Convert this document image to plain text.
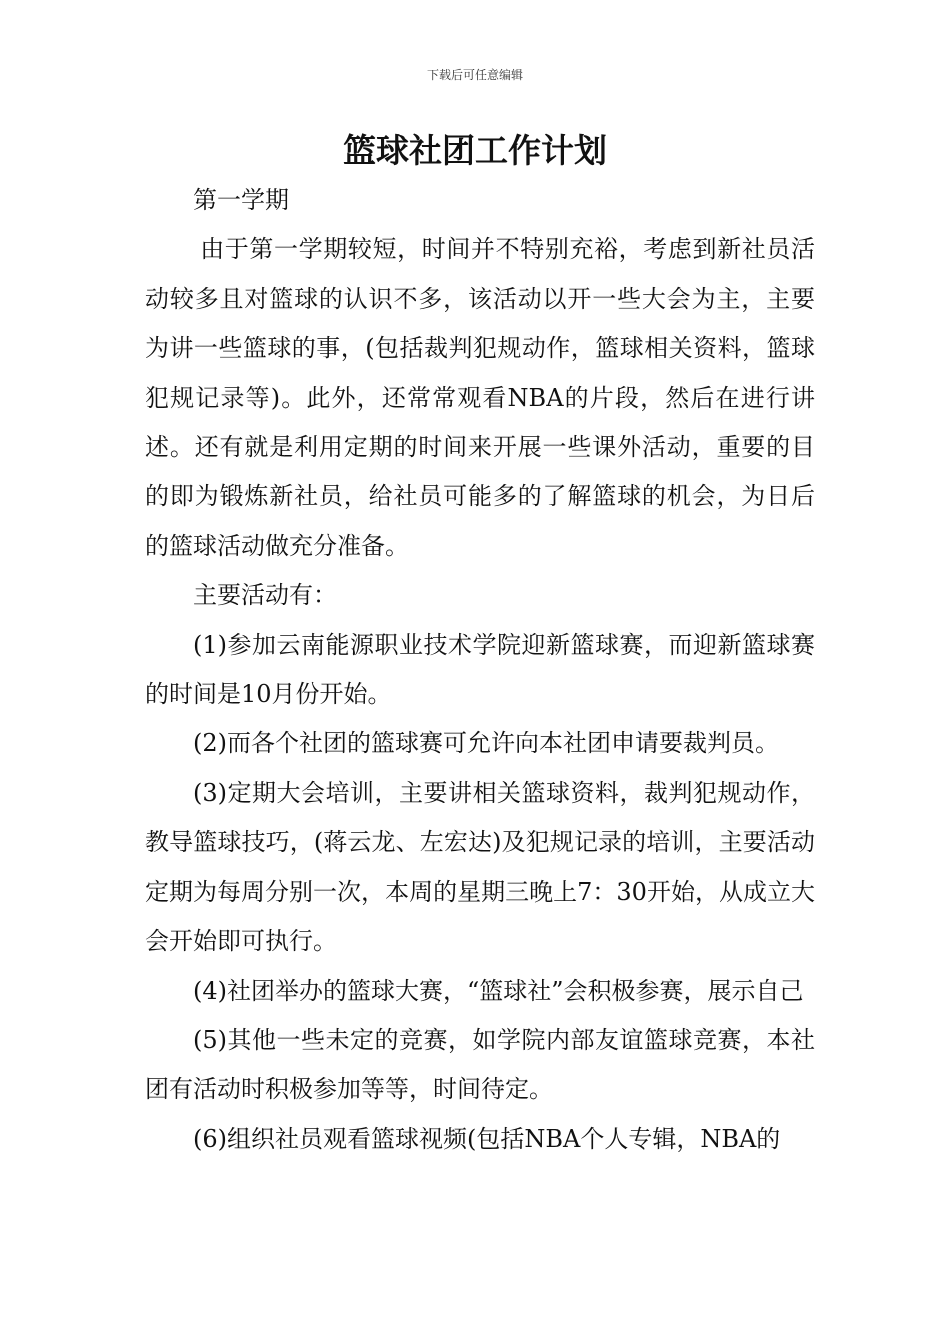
下载后可任意编辑
篮球社团工作计划

第一学期

由于第一学期较短，时间并不特别充裕，考虑到新社员活动较多且对篮球的认识不多，该活动以开一些大会为主，主要为讲一些篮球的事，(包括裁判犯规动作，篮球相关资料，篮球犯规记录等)。此外，还常常观看NBA的片段，然后在进行讲述。还有就是利用定期的时间来开展一些课外活动，重要的目的即为锻炼新社员，给社员可能多的了解篮球的机会，为日后的篮球活动做充分准备。

主要活动有：

(1)参加云南能源职业技术学院迎新篮球赛，而迎新篮球赛的时间是10月份开始。

(2)而各个社团的篮球赛可允许向本社团申请要裁判员。

(3)定期大会培训，主要讲相关篮球资料，裁判犯规动作，教导篮球技巧，(蒋云龙、左宏达)及犯规记录的培训，主要活动定期为每周分别一次，本周的星期三晚上7：30开始，从成立大会开始即可执行。

(4)社团举办的篮球大赛，“篮球社”会积极参赛，展示自己

(5)其他一些未定的竞赛，如学院内部友谊篮球竞赛，本社团有活动时积极参加等等，时间待定。

(6)组织社员观看篮球视频(包括NBA个人专辑，NBA的
